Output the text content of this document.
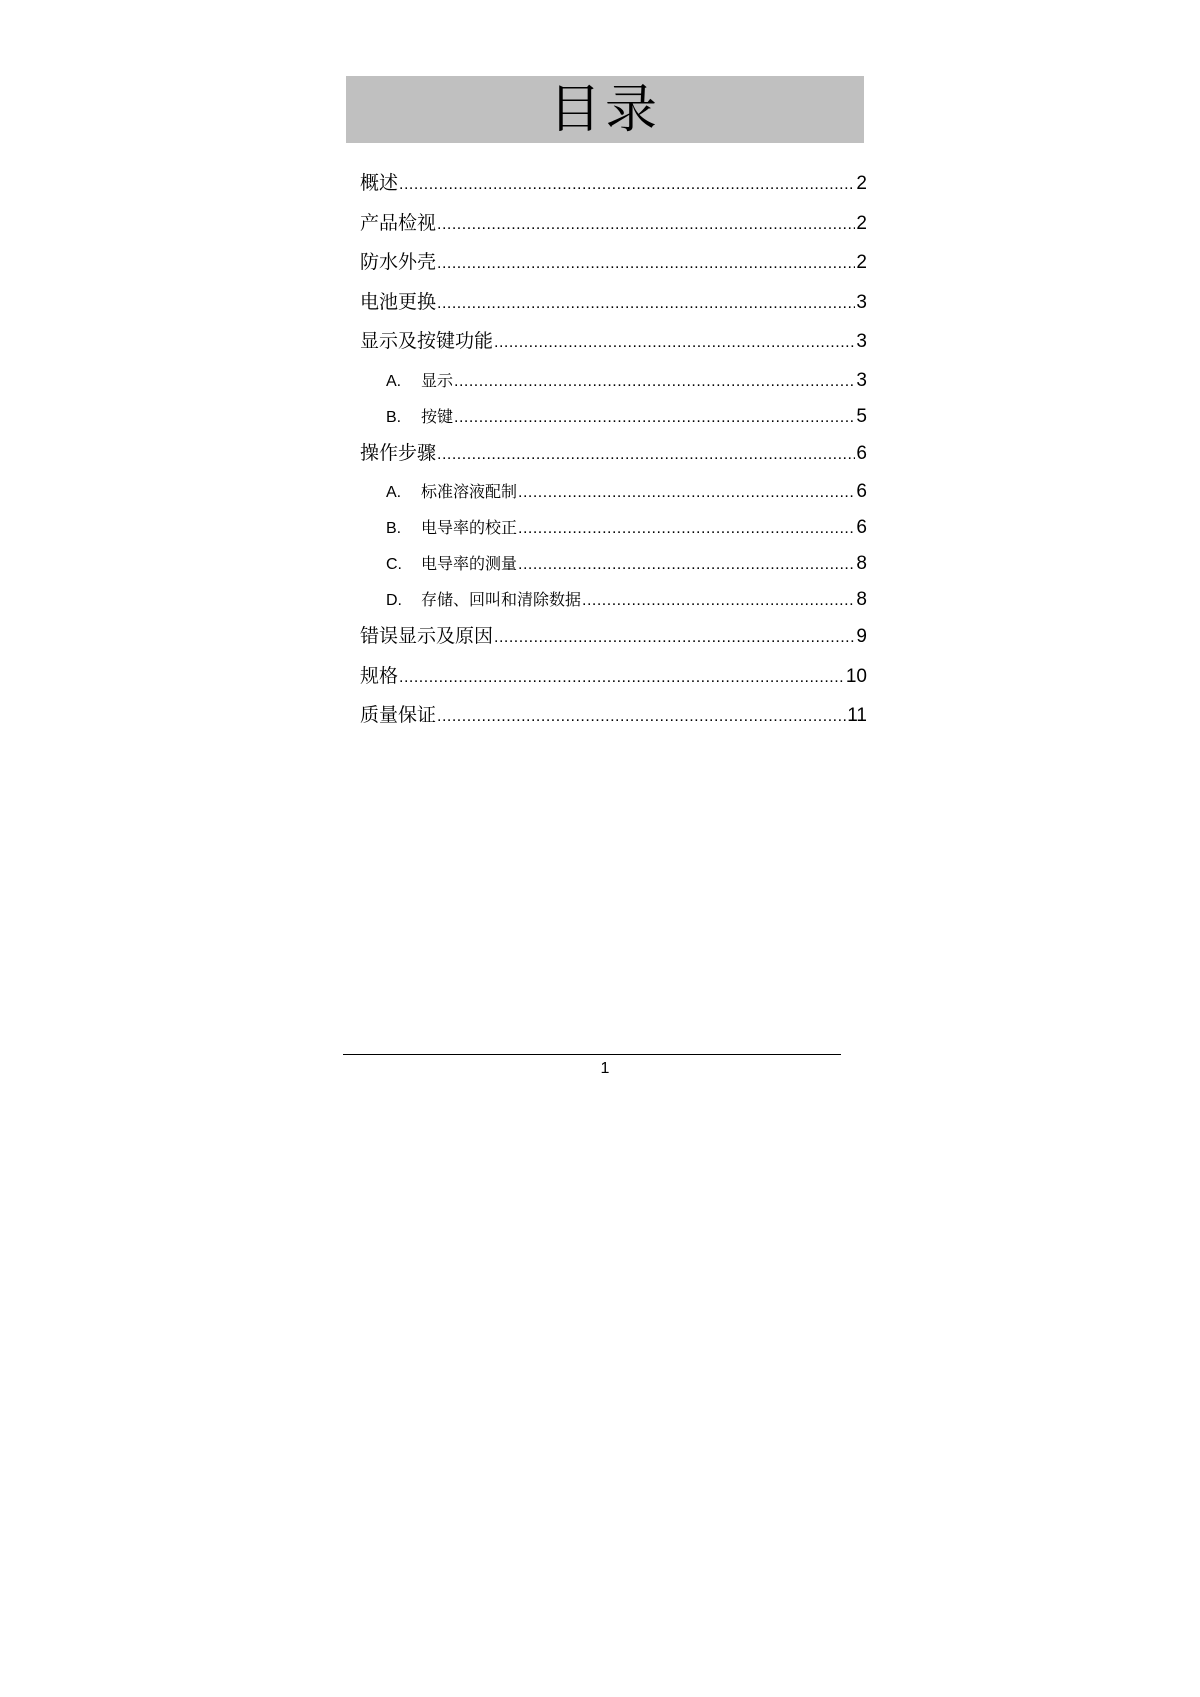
目录
概述 .....	2
产品检视 .....	2
防水外壳 .....	2
电池更换 .....	3
显示及按键功能 .....	3
A.	显示 .....	3
B.	按键 .....	5
操作步骤 .....	6
A.	标准溶液配制 .....	6
B.	电导率的校正 .....	6
C.	电导率的测量 .....	8
D.	存储、回叫和清除数据 .....	8
错误显示及原因 .....	9
规格 .....	10
质量保证 .....	11
1
